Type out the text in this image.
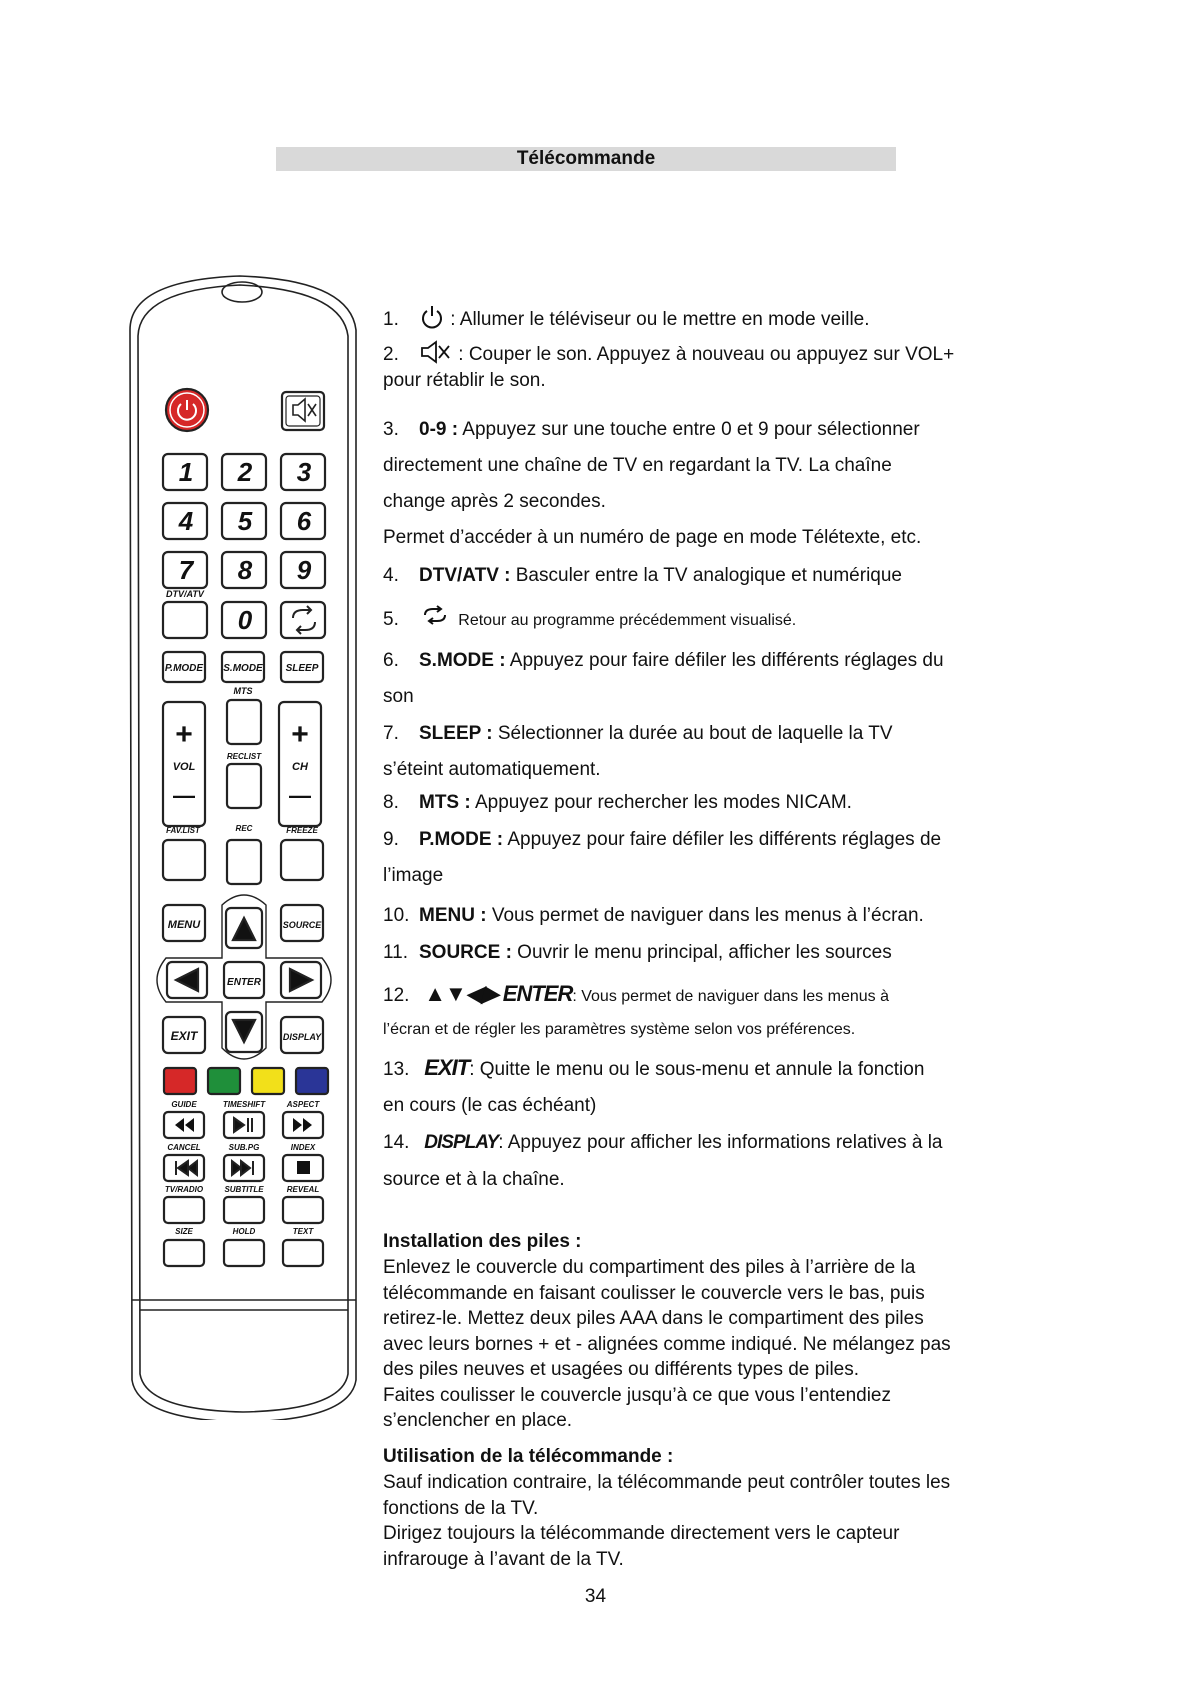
Télécommande
1 2 3
4 5 6
7 8 9
0
DTV/ATV
P.MODE S.MODE SLEEP
MTS
+	+
VOL	CH
RECLIST
—	—
FAV.LIST	REC	FREEZE
MENU	SOURCE
ENTER
EXIT	DISPLAY
GUIDE	TIMESHIFT	ASPECT
CANCEL	SUB.PG	INDEX
TV/RADIO	SUBTITLE	REVEAL
SIZE	HOLD	TEXT
1. : Allumer le téléviseur ou le mettre en mode veille.
2.	: Couper le son. Appuyez à nouveau ou appuyez sur VOL+
pour rétablir le son.
3. 0-9 : Appuyez sur une touche entre 0 et 9 pour sélectionner
directement une chaîne de TV en regardant la TV. La chaîne
change après 2 secondes.
Permet d’accéder à un numéro de page en mode Télétexte, etc.
4. DTV/ATV : Basculer entre la TV analogique et numérique
5.	Retour au programme précédemment visualisé.
6. S.MODE : Appuyez pour faire défiler les différents réglages du
son
7. SLEEP : Sélectionner la durée au bout de laquelle la TV
s’éteint automatiquement.
8. MTS : Appuyez pour rechercher les modes NICAM.
9. P.MODE : Appuyez pour faire défiler les différents réglages de
l’image
10. MENU : Vous permet de naviguer dans les menus à l’écran.
11. SOURCE : Ouvrir le menu principal, afficher les sources
12. ▲▼◀▶ ENTER: Vous permet de naviguer dans les menus à
l’écran et de régler les paramètres système selon vos préférences.
13. EXIT: Quitte le menu ou le sous-menu et annule la fonction
en cours (le cas échéant)
14. DISPLAY: Appuyez pour afficher les informations relatives à la
source et à la chaîne.
Installation des piles :
Enlevez le couvercle du compartiment des piles à l’arrière de la
télécommande en faisant coulisser le couvercle vers le bas, puis
retirez-le. Mettez deux piles AAA dans le compartiment des piles
avec leurs bornes + et - alignées comme indiqué. Ne mélangez pas
des piles neuves et usagées ou différents types de piles.
Faites coulisser le couvercle jusqu’à ce que vous l’entendiez
s’enclencher en place.
Utilisation de la télécommande :
Sauf indication contraire, la télécommande peut contrôler toutes les
fonctions de la TV.
Dirigez toujours la télécommande directement vers le capteur
infrarouge à l’avant de la TV.
34
